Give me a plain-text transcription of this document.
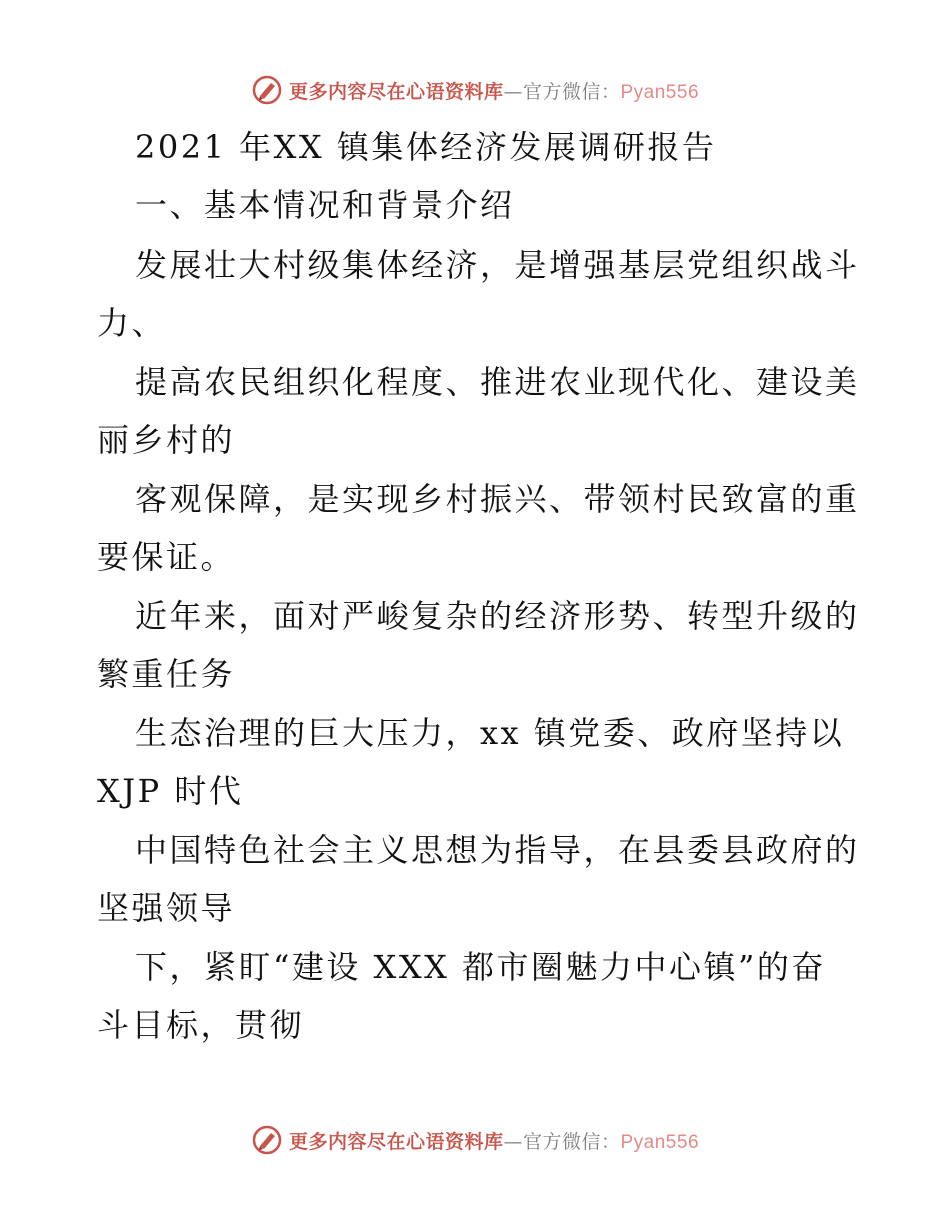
更多内容尽在心语资料库—官方微信：Pyan556
2021 年XX 镇集体经济发展调研报告
一、基本情况和背景介绍
发展壮大村级集体经济，是增强基层党组织战斗
力、
提高农民组织化程度、推进农业现代化、建设美
丽乡村的
客观保障，是实现乡村振兴、带领村民致富的重
要保证。
近年来，面对严峻复杂的经济形势、转型升级的
繁重任务
生态治理的巨大压力，xx 镇党委、政府坚持以
XJP 时代
中国特色社会主义思想为指导，在县委县政府的
坚强领导
下，紧盯“建设 XXX 都市圈魅力中心镇”的奋
斗目标，贯彻
更多内容尽在心语资料库—官方微信：Pyan556
